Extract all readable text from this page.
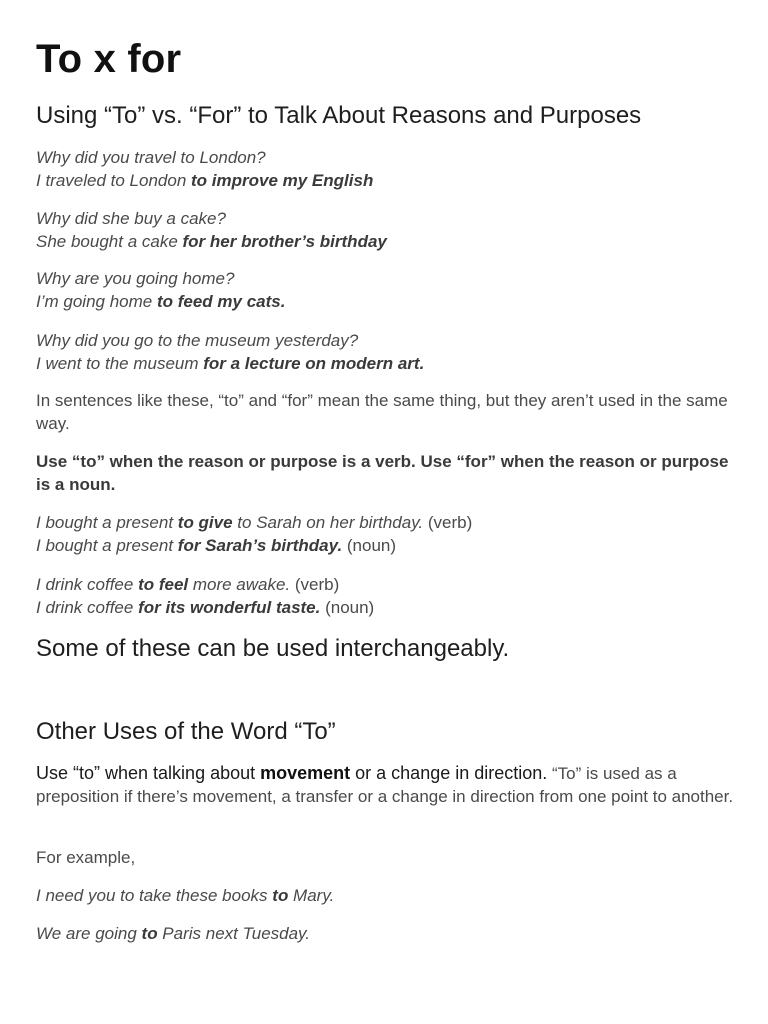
To x for
Using “To” vs. “For” to Talk About Reasons and Purposes

Why did you travel to London?

I traveled to London to improve my English

Why did she buy a cake?

She bought a cake for her brother’s birthday

Why are you going home?

I’m going home to feed my cats.

Why did you go to the museum yesterday?

I went to the museum for a lecture on modern art.

In sentences like these, “to” and “for” mean the same thing, but they aren’t used in the same way.

Use “to” when the reason or purpose is a verb. Use “for” when the reason or purpose is a noun.

I bought a present to give to Sarah on her birthday. (verb)

I bought a present for Sarah’s birthday. (noun)

I drink coffee to feel more awake. (verb)

I drink coffee for its wonderful taste. (noun)

Some of these can be used interchangeably.
Other Uses of the Word “To”

Use “to” when talking about movement or a change in direction. “To” is used as a preposition if there’s movement, a transfer or a change in direction from one point to another.

For example,

I need you to take these books to Mary.

We are going to Paris next Tuesday.
